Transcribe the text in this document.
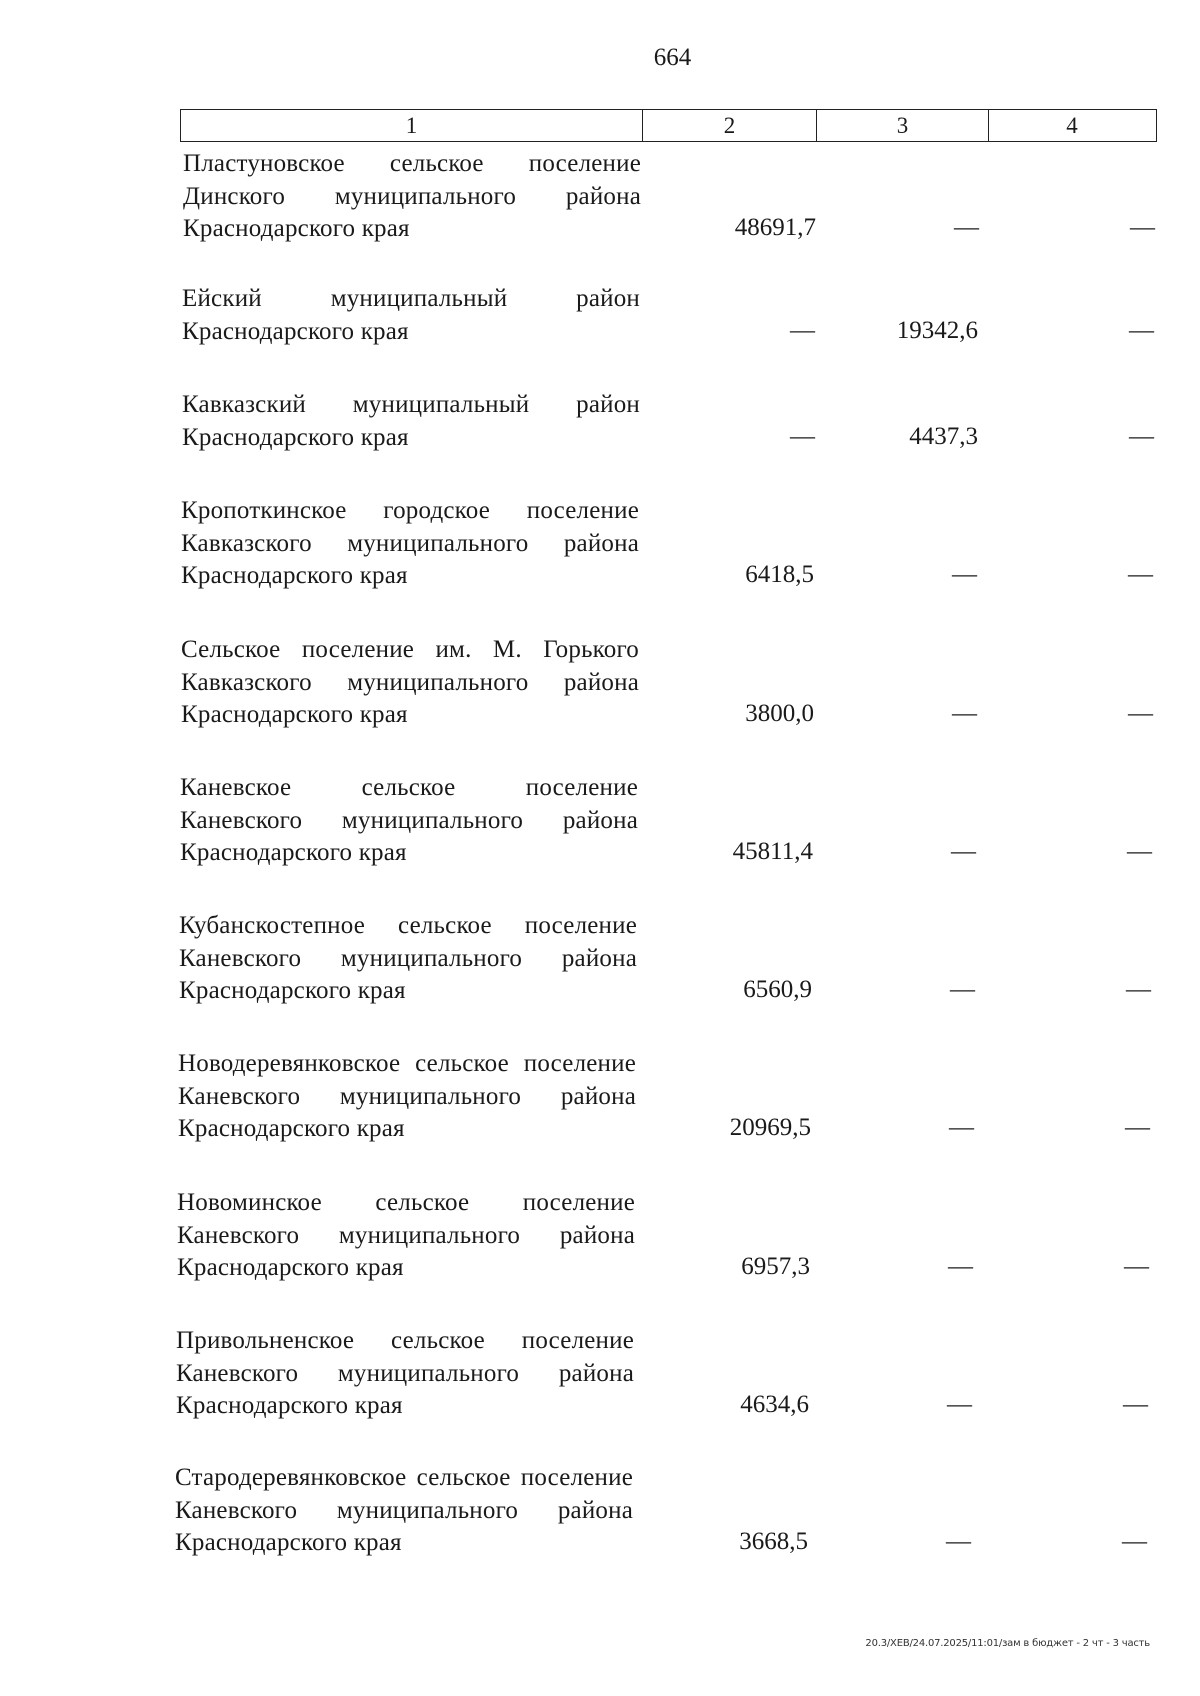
664
1	2	3	4
Пластуновское сельское поселение Динского муниципального района Краснодарского края	48691,7	—	—
Ейский муниципальный район Краснодарского края	—	19342,6	—
Кавказский муниципальный район Краснодарского края	—	4437,3	—
Кропоткинское городское поселение Кавказского муниципального района Краснодарского края	6418,5	—	—
Сельское поселение им. М. Горького Кавказского муниципального района Краснодарского края	3800,0	—	—
Каневское сельское поселение Каневского муниципального района Краснодарского края	45811,4	—	—
Кубанскостепное сельское поселение Каневского муниципального района Краснодарского края	6560,9	—	—
Новодеревянковское сельское поселение Каневского муниципального района Краснодарского края	20969,5	—	—
Новоминское сельское поселение Каневского муниципального района Краснодарского края	6957,3	—	—
Привольненское сельское поселение Каневского муниципального района Краснодарского края	4634,6	—	—
Стародеревянковское сельское поселение Каневского муниципального района Краснодарского края	3668,5	—	—
20.3/XEB/24.07.2025/11:01/зам в бюджет - 2 чт - 3 часть
